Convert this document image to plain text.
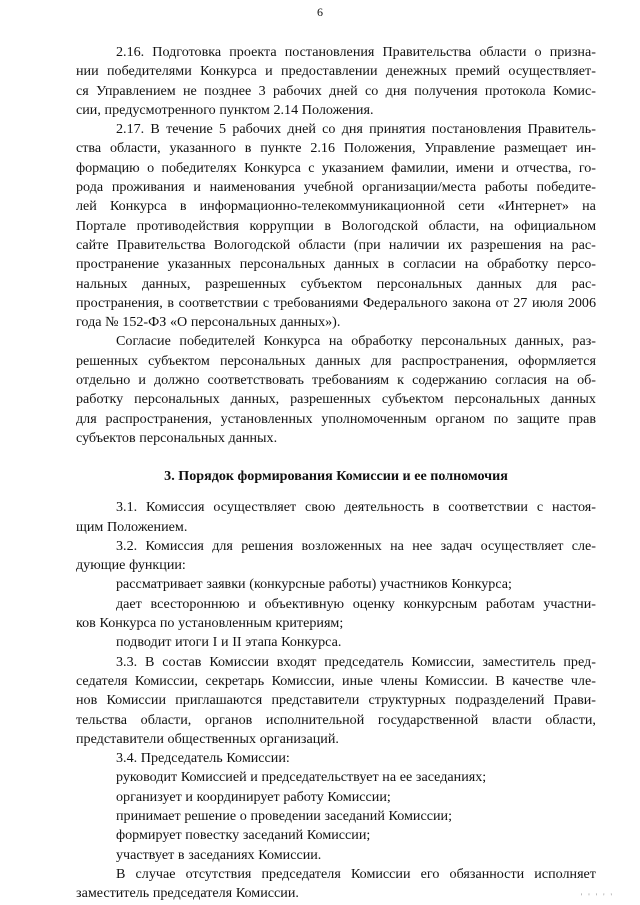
6
2.16. Подготовка проекта постановления Правительства области о призна-
нии победителями Конкурса и предоставлении денежных премий осуществляет-
ся Управлением не позднее 3 рабочих дней со дня получения протокола Комис-
сии, предусмотренного пунктом 2.14 Положения.
2.17. В течение 5 рабочих дней со дня принятия постановления Правитель-
ства области, указанного в пункте 2.16 Положения, Управление размещает ин-
формацию о победителях Конкурса с указанием фамилии, имени и отчества, го-
рода проживания и наименования учебной организации/места работы победите-
лей Конкурса в информационно-телекоммуникационной сети «Интернет» на
Портале противодействия коррупции в Вологодской области, на официальном
сайте Правительства Вологодской области (при наличии их разрешения на рас-
пространение указанных персональных данных в согласии на обработку персо-
нальных данных, разрешенных субъектом персональных данных для рас-
пространения, в соответствии с требованиями Федерального закона от 27 июля 2006
года № 152-ФЗ «О персональных данных»).
Согласие победителей Конкурса на обработку персональных данных, раз-
решенных субъектом персональных данных для распространения, оформляется
отдельно и должно соответствовать требованиям к содержанию согласия на об-
работку персональных данных, разрешенных субъектом персональных данных
для распространения, установленных уполномоченным органом по защите прав
субъектов персональных данных.
3. Порядок формирования Комиссии и ее полномочия
3.1. Комиссия осуществляет свою деятельность в соответствии с настоя-
щим Положением.
3.2. Комиссия для решения возложенных на нее задач осуществляет сле-
дующие функции:
рассматривает заявки (конкурсные работы) участников Конкурса;
дает всестороннюю и объективную оценку конкурсным работам участни-
ков Конкурса по установленным критериям;
подводит итоги I и II этапа Конкурса.
3.3. В состав Комиссии входят председатель Комиссии, заместитель пред-
седателя Комиссии, секретарь Комиссии, иные члены Комиссии. В качестве чле-
нов Комиссии приглашаются представители структурных подразделений Прави-
тельства области, органов исполнительной государственной власти области,
представители общественных организаций.
3.4. Председатель Комиссии:
руководит Комиссией и председательствует на ее заседаниях;
организует и координирует работу Комиссии;
принимает решение о проведении заседаний Комиссии;
формирует повестку заседаний Комиссии;
участвует в заседаниях Комиссии.
В случае отсутствия председателя Комиссии его обязанности исполняет
заместитель председателя Комиссии.	' ' ' ' '
